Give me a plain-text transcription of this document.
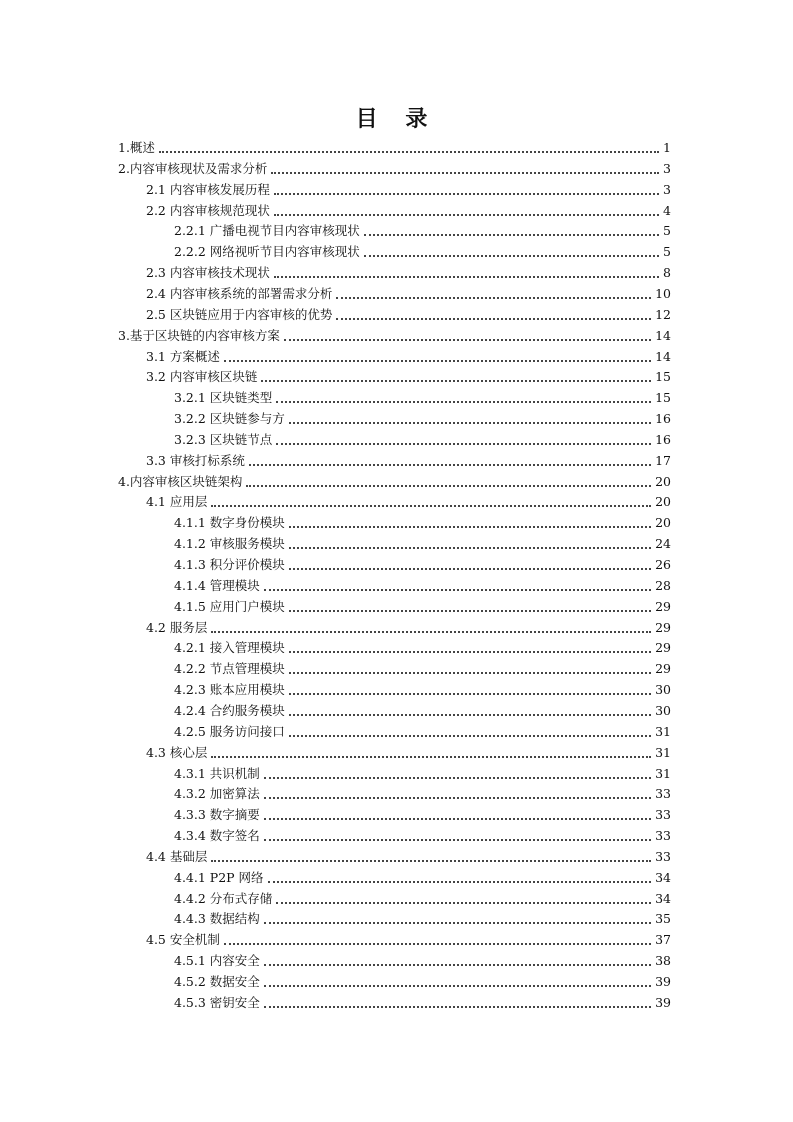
目 录
1.概述	1
2.内容审核现状及需求分析	3
2.1 内容审核发展历程	3
2.2 内容审核规范现状	4
2.2.1 广播电视节目内容审核现状	5
2.2.2 网络视听节目内容审核现状	5
2.3 内容审核技术现状	8
2.4 内容审核系统的部署需求分析	10
2.5 区块链应用于内容审核的优势	12
3.基于区块链的内容审核方案	14
3.1 方案概述	14
3.2 内容审核区块链	15
3.2.1 区块链类型	15
3.2.2 区块链参与方	16
3.2.3 区块链节点	16
3.3 审核打标系统	17
4.内容审核区块链架构	20
4.1 应用层	20
4.1.1 数字身份模块	20
4.1.2 审核服务模块	24
4.1.3 积分评价模块	26
4.1.4 管理模块	28
4.1.5 应用门户模块	29
4.2 服务层	29
4.2.1 接入管理模块	29
4.2.2 节点管理模块	29
4.2.3 账本应用模块	30
4.2.4 合约服务模块	30
4.2.5 服务访问接口	31
4.3 核心层	31
4.3.1 共识机制	31
4.3.2 加密算法	33
4.3.3 数字摘要	33
4.3.4 数字签名	33
4.4 基础层	33
4.4.1 P2P 网络	34
4.4.2 分布式存储	34
4.4.3 数据结构	35
4.5 安全机制	37
4.5.1 内容安全	38
4.5.2 数据安全	39
4.5.3 密钥安全	39
